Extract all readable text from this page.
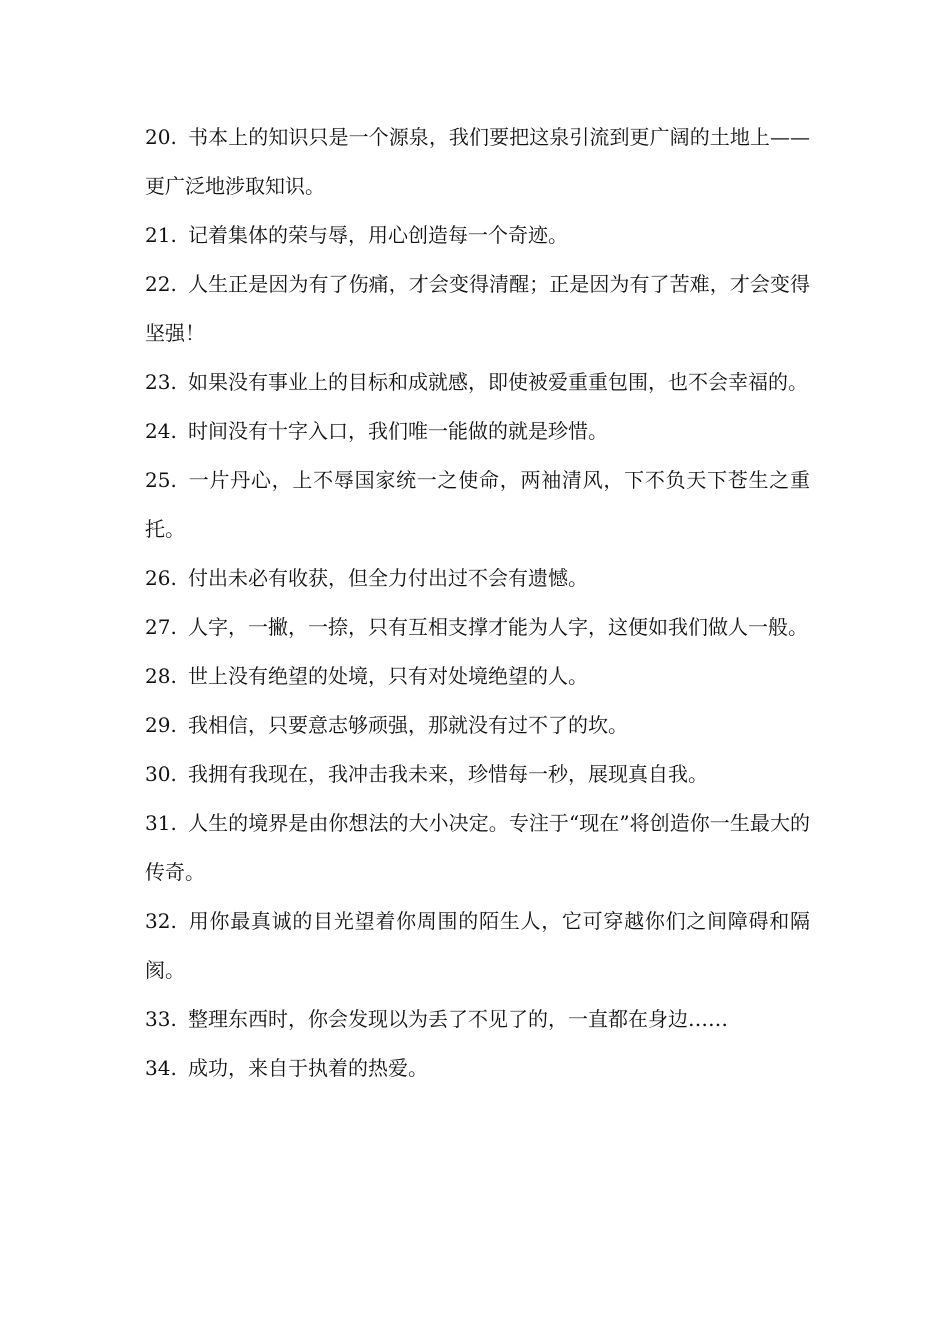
20. 书本上的知识只是一个源泉，我们要把这泉引流到更广阔的土地上——更广泛地涉取知识。

21. 记着集体的荣与辱，用心创造每一个奇迹。

22. 人生正是因为有了伤痛，才会变得清醒；正是因为有了苦难，才会变得坚强！

23. 如果没有事业上的目标和成就感，即使被爱重重包围，也不会幸福的。

24. 时间没有十字入口，我们唯一能做的就是珍惜。

25. 一片丹心，上不辱国家统一之使命，两袖清风，下不负天下苍生之重托。

26. 付出未必有收获，但全力付出过不会有遗憾。

27. 人字，一撇，一捺，只有互相支撑才能为人字，这便如我们做人一般。

28. 世上没有绝望的处境，只有对处境绝望的人。

29. 我相信，只要意志够顽强，那就没有过不了的坎。

30. 我拥有我现在，我冲击我未来，珍惜每一秒，展现真自我。

31. 人生的境界是由你想法的大小决定。专注于“现在”将创造你一生最大的传奇。

32. 用你最真诚的目光望着你周围的陌生人，它可穿越你们之间障碍和隔阂。

33. 整理东西时，你会发现以为丢了不见了的，一直都在身边……

34. 成功，来自于执着的热爱。
